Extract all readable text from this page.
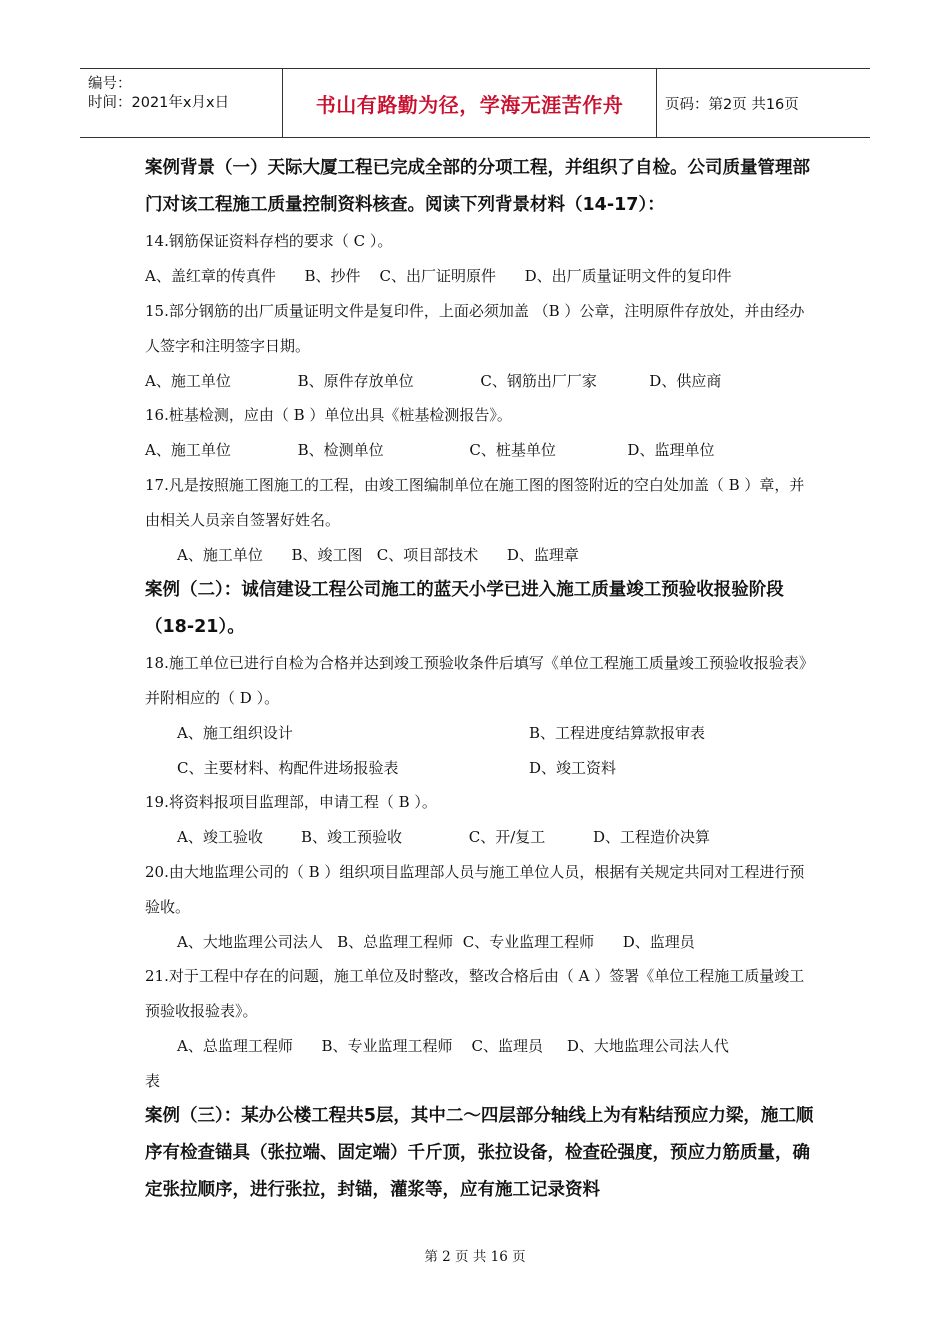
编号：
时间：2021年x月x日	书山有路勤为径，学海无涯苦作舟	页码：第2页 共16页

案例背景（一）天际大厦工程已完成全部的分项工程，并组织了自检。公司质量管理部门对该工程施工质量控制资料核查。阅读下列背景材料（14-17）：

14.钢筋保证资料存档的要求（ C ）。

A、盖红章的传真件      B、抄件    C、出厂证明原件      D、出厂质量证明文件的复印件

15.部分钢筋的出厂质量证明文件是复印件，上面必须加盖 （B ）公章，注明原件存放处，并由经办人签字和注明签字日期。

A、施工单位              B、原件存放单位              C、钢筋出厂厂家           D、供应商

16.桩基检测，应由（ B ）单位出具《桩基检测报告》。

A、施工单位              B、检测单位                  C、桩基单位               D、监理单位

17.凡是按照施工图施工的工程，由竣工图编制单位在施工图的图签附近的空白处加盖（ B ）章，并由相关人员亲自签署好姓名。

A、施工单位      B、竣工图   C、项目部技术      D、监理章

案例（二）：诚信建设工程公司施工的蓝天小学已进入施工质量竣工预验收报验阶段（18-21）。

18.施工单位已进行自检为合格并达到竣工预验收条件后填写《单位工程施工质量竣工预验收报验表》并附相应的（ D ）。

A、施工组织设计	B、工程进度结算款报审表
C、主要材料、构配件进场报验表	D、竣工资料

19.将资料报项目监理部，申请工程（ B ）。

A、竣工验收        B、竣工预验收              C、开/复工          D、工程造价决算

20.由大地监理公司的（ B ）组织项目监理部人员与施工单位人员，根据有关规定共同对工程进行预验收。

A、大地监理公司法人   B、总监理工程师  C、专业监理工程师      D、监理员

21.对于工程中存在的问题，施工单位及时整改，整改合格后由（ A ）签署《单位工程施工质量竣工预验收报验表》。

A、总监理工程师      B、专业监理工程师    C、监理员     D、大地监理公司法人代

表

案例（三）：某办公楼工程共5层，其中二～四层部分轴线上为有粘结预应力梁，施工顺序有检查锚具（张拉端、固定端）千斤顶，张拉设备，检查砼强度，预应力筋质量，确定张拉顺序，进行张拉，封锚，灌浆等，应有施工记录资料

第 2 页 共 16 页
